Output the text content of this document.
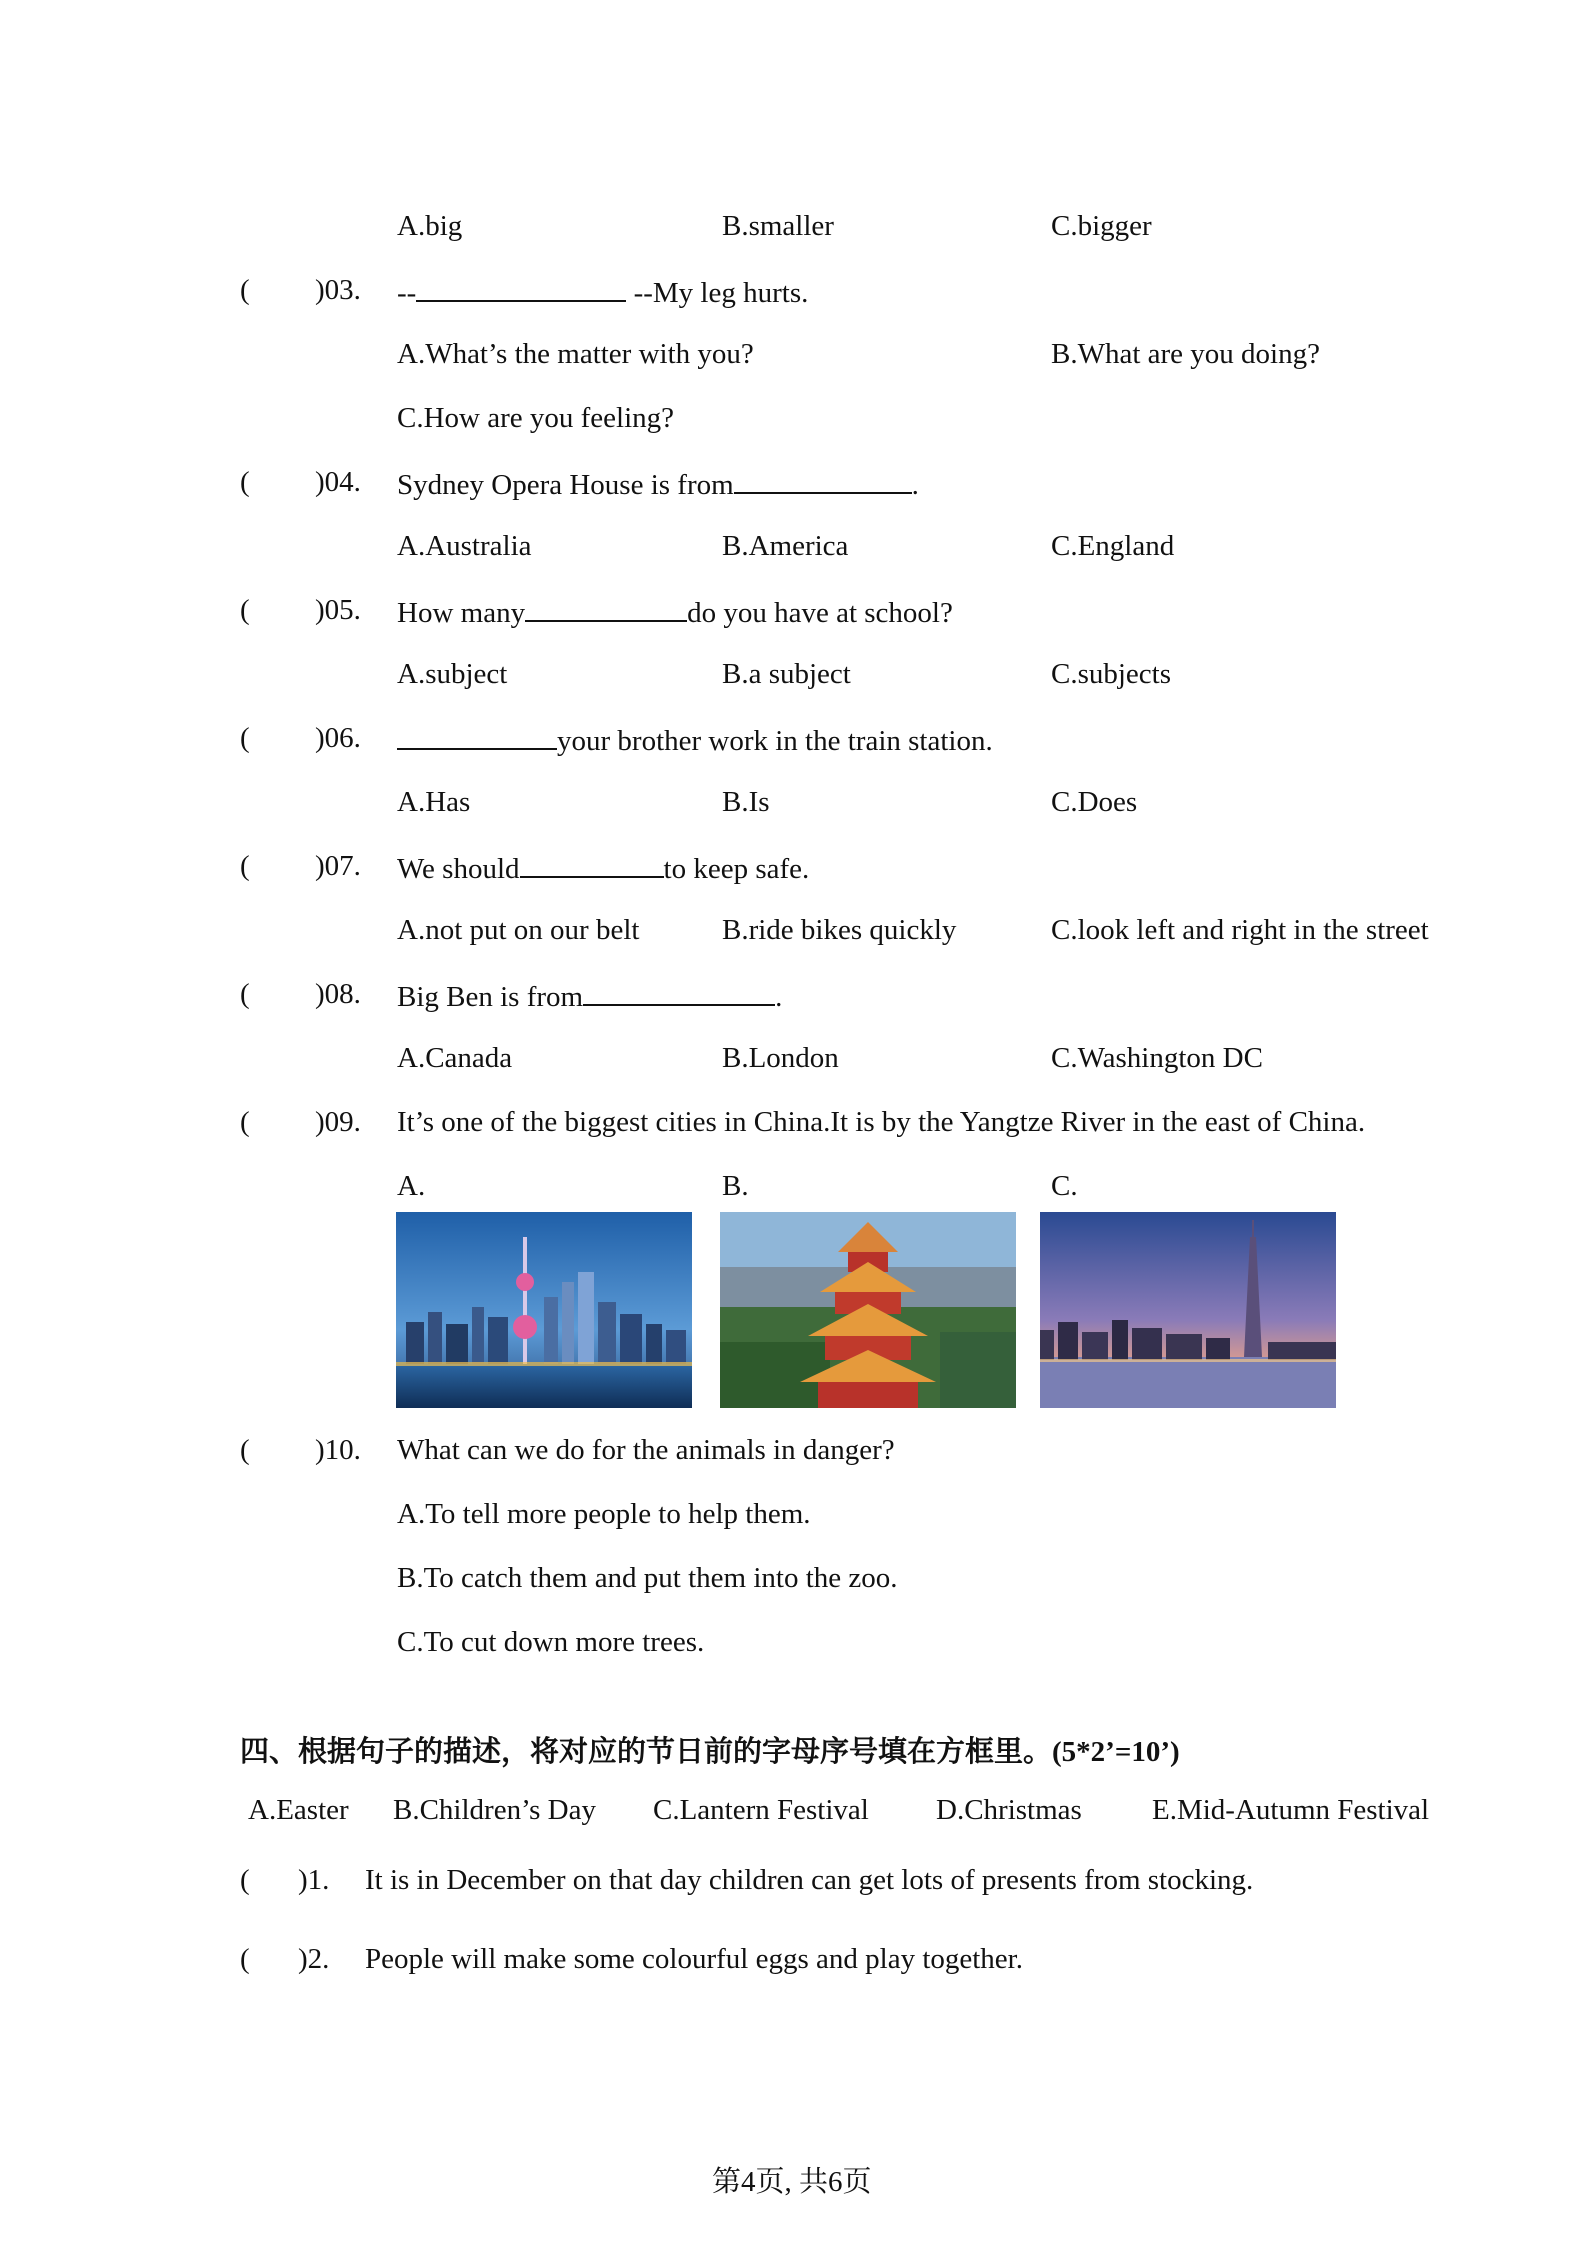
A.big	B.smaller	C.bigger
( )03. --	--My leg hurts.
A.What’s the matter with you?	B.What are you doing?
C.How are you feeling?
( )04. Sydney Opera House is from	.
A.Australia	B.America	C.England
( )05. How many	do you have at school?
A.subject	B.a subject	C.subjects
( )06.	your brother work in the train station.
A.Has	B.Is	C.Does
( )07. We should	to keep safe.
A.not put on our belt	B.ride bikes quickly	C.look left and right in the street
( )08. Big Ben is from	.
A.Canada	B.London	C.Washington DC
( )09. It’s one of the biggest cities in China.It is by the Yangtze River in the east of China.
A.	B.	C.
( )10. What can we do for the animals in danger?
A.To tell more people to help them.
B.To catch them and put them into the zoo.
C.To cut down more trees.
四、根据句子的描述，将对应的节日前的字母序号填在方框里。(5*2’=10’)
A.Easter B.Children’s Day C.Lantern Festival D.Christmas E.Mid-Autumn Festival
( )1. It is in December on that day children can get lots of presents from stocking.
( )2. People will make some colourful eggs and play together.
第4页, 共6页
